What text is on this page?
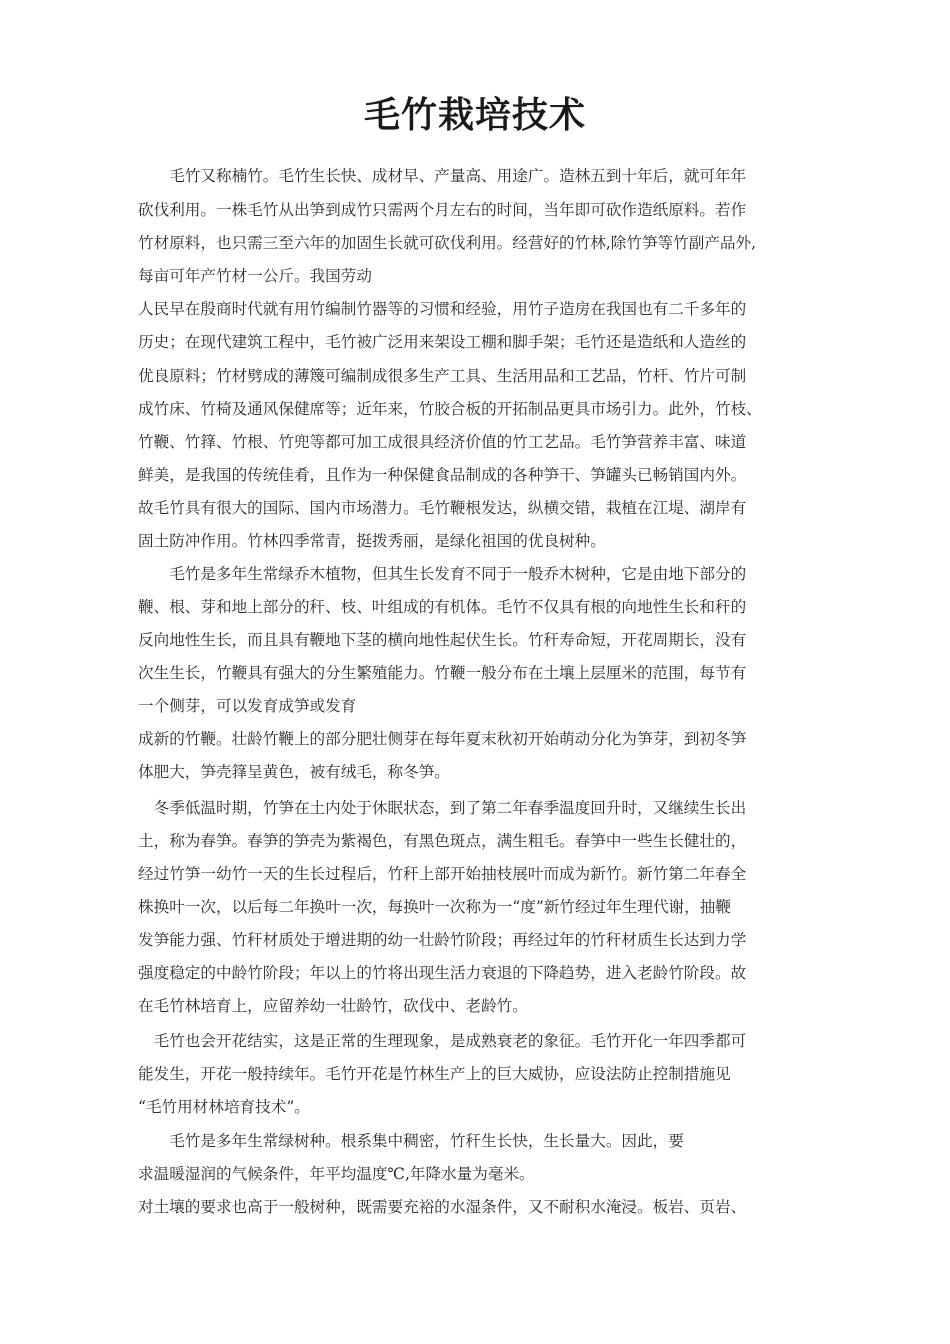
毛竹栽培技术
　　毛竹又称楠竹。毛竹生长快、成材早、产量高、用途广。造林五到十年后，就可年年
砍伐利用。一株毛竹从出笋到成竹只需两个月左右的时间，当年即可砍作造纸原料。若作
竹材原料，也只需三至六年的加固生长就可砍伐利用。经营好的竹林,除竹笋等竹副产品外,
每亩可年产竹材一公斤。我国劳动
人民早在殷商时代就有用竹编制竹器等的习惯和经验，用竹子造房在我国也有二千多年的
历史；在现代建筑工程中，毛竹被广泛用来架设工棚和脚手架；毛竹还是造纸和人造丝的
优良原料；竹材劈成的薄篾可编制成很多生产工具、生活用品和工艺品，竹杆、竹片可制
成竹床、竹椅及通风保健席等；近年来，竹胶合板的开拓制品更具市场引力。此外，竹枝、
竹鞭、竹箨、竹根、竹兜等都可加工成很具经济价值的竹工艺品。毛竹笋营养丰富、味道
鲜美，是我国的传统佳肴，且作为一种保健食品制成的各种笋干、笋罐头已畅销国内外。
故毛竹具有很大的国际、国内市场潜力。毛竹鞭根发达，纵横交错，栽植在江堤、湖岸有
固土防冲作用。竹林四季常青，挺拨秀丽，是绿化祖国的优良树种。
　　毛竹是多年生常绿乔木植物，但其生长发育不同于一般乔木树种，它是由地下部分的
鞭、根、芽和地上部分的秆、枝、叶组成的有机体。毛竹不仅具有根的向地性生长和秆的
反向地性生长，而且具有鞭地下茎的横向地性起伏生长。竹秆寿命短，开花周期长，没有
次生生长，竹鞭具有强大的分生繁殖能力。竹鞭一般分布在土壤上层厘米的范围，每节有
一个侧芽，可以发育成笋或发育
成新的竹鞭。壮龄竹鞭上的部分肥壮侧芽在每年夏末秋初开始萌动分化为笋芽，到初冬笋
体肥大，笋壳箨呈黄色，被有绒毛，称冬笋。
　冬季低温时期，竹笋在土内处于休眠状态，到了第二年春季温度回升时，又继续生长出
土，称为春笋。春笋的笋壳为紫褐色，有黑色斑点，满生粗毛。春笋中一些生长健壮的，
经过竹笋一幼竹一天的生长过程后，竹秆上部开始抽枝展叶而成为新竹。新竹第二年春全
株换叶一次，以后每二年换叶一次，每换叶一次称为一“度”新竹经过年生理代谢，抽鞭
发笋能力强、竹秆材质处于增进期的幼一壮龄竹阶段；再经过年的竹秆材质生长达到力学
强度稳定的中龄竹阶段；年以上的竹将出现生活力衰退的下降趋势，进入老龄竹阶段。故
在毛竹林培育上，应留养幼一壮龄竹，砍伐中、老龄竹。
　毛竹也会开花结实，这是正常的生理现象，是成熟衰老的象征。毛竹开化一年四季都可
能发生，开花一般持续年。毛竹开花是竹林生产上的巨大威协，应设法防止控制措施见
“毛竹用材林培育技术”。
　　毛竹是多年生常绿树种。根系集中稠密，竹秆生长快，生长量大。因此，要
求温暖湿润的气候条件，年平均温度℃,年降水量为毫米。
对土壤的要求也高于一般树种，既需要充裕的水湿条件，又不耐积水淹浸。板岩、页岩、
